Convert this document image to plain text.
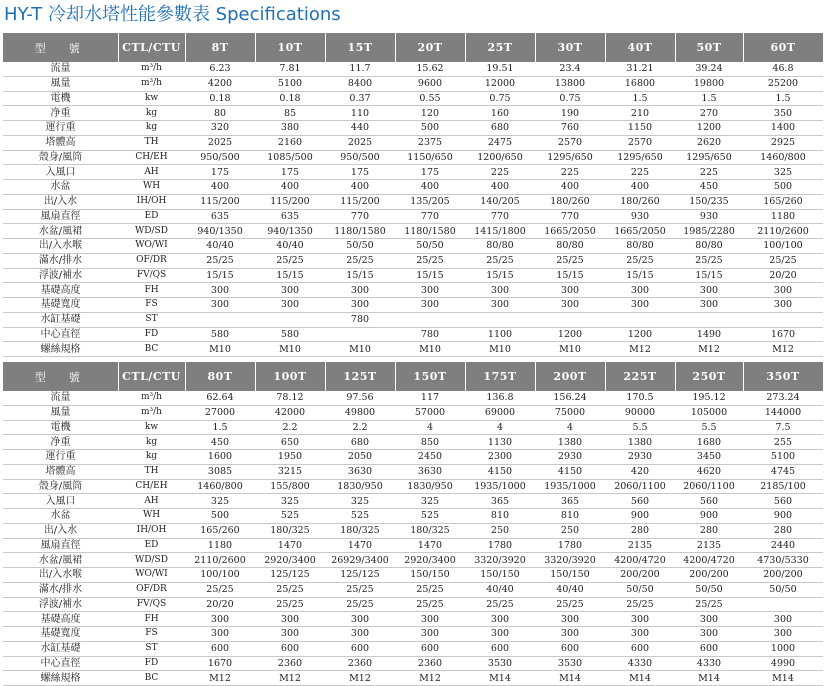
HY-T 冷却水塔性能參數表 Specifications
型　號	CTL/CTU	8T	10T	15T	20T	25T	30T	40T	50T	60T
流量	m³/h	6.23	7.81	11.7	15.62	19.51	23.4	31.21	39.24	46.8
風量	m³/h	4200	5100	8400	9600	12000	13800	16800	19800	25200
電機	kw	0.18	0.18	0.37	0.55	0.75	0.75	1.5	1.5	1.5
净重	kg	80	85	110	120	160	190	210	270	350
運行重	kg	320	380	440	500	680	760	1150	1200	1400
塔體高	TH	2025	2160	2025	2375	2475	2570	2570	2620	2925
殼身/風筒	CH/EH	950/500	1085/500	950/500	1150/650	1200/650	1295/650	1295/650	1295/650	1460/800
入風口	AH	175	175	175	175	225	225	225	225	325
水盆	WH	400	400	400	400	400	400	400	450	500
出/入水	IH/OH	115/200	115/200	115/200	135/205	140/205	180/260	180/260	150/235	165/260
風扇直徑	ED	635	635	770	770	770	770	930	930	1180
水盆/風裙	WD/SD	940/1350	940/1350	1180/1580	1180/1580	1415/1800	1665/2050	1665/2050	1985/2280	2110/2600
出/入水喉	WO/WI	40/40	40/40	50/50	50/50	80/80	80/80	80/80	80/80	100/100
滿水/排水	OF/DR	25/25	25/25	25/25	25/25	25/25	25/25	25/25	25/25	25/25
浮波/補水	FV/QS	15/15	15/15	15/15	15/15	15/15	15/15	15/15	15/15	20/20
基礎高度	FH	300	300	300	300	300	300	300	300	300
基礎寬度	FS	300	300	300	300	300	300	300	300	300
水缸基礎	ST			780						
中心直徑	FD	580	580		780	1100	1200	1200	1490	1670
螺絲規格	BC	M10	M10	M10	M10	M10	M10	M12	M12	M12
型　號	CTL/CTU	80T	100T	125T	150T	175T	200T	225T	250T	350T
流量	m³/h	62.64	78.12	97.56	117	136.8	156.24	170.5	195.12	273.24
風量	m³/h	27000	42000	49800	57000	69000	75000	90000	105000	144000
電機	kw	1.5	2.2	2.2	4	4	4	5.5	5.5	7.5
净重	kg	450	650	680	850	1130	1380	1380	1680	255
運行重	kg	1600	1950	2050	2450	2300	2930	2930	3450	5100
塔體高	TH	3085	3215	3630	3630	4150	4150	420	4620	4745
殼身/風筒	CH/EH	1460/800	155/800	1830/950	1830/950	1935/1000	1935/1000	2060/1100	2060/1100	2185/100
入風口	AH	325	325	325	325	365	365	560	560	560
水盆	WH	500	525	525	525	810	810	900	900	900
出/入水	IH/OH	165/260	180/325	180/325	180/325	250	250	280	280	280
風扇直徑	ED	1180	1470	1470	1470	1780	1780	2135	2135	2440
水盆/風裙	WD/SD	2110/2600	2920/3400	26929/3400	2920/3400	3320/3920	3320/3920	4200/4720	4200/4720	4730/5330
出/入水喉	WO/WI	100/100	125/125	125/125	150/150	150/150	150/150	200/200	200/200	200/200
滿水/排水	OF/DR	25/25	25/25	25/25	25/25	40/40	40/40	50/50	50/50	50/50
浮波/補水	FV/QS	20/20	25/25	25/25	25/25	25/25	25/25	25/25	25/25	
基礎高度	FH	300	300	300	300	300	300	300	300	300
基礎寬度	FS	300	300	300	300	300	300	300	300	300
水缸基礎	ST	600	600	600	600	600	600	600	600	1000
中心直徑	FD	1670	2360	2360	2360	3530	3530	4330	4330	4990
螺絲規格	BC	M12	M12	M12	M12	M14	M14	M14	M14	M14
